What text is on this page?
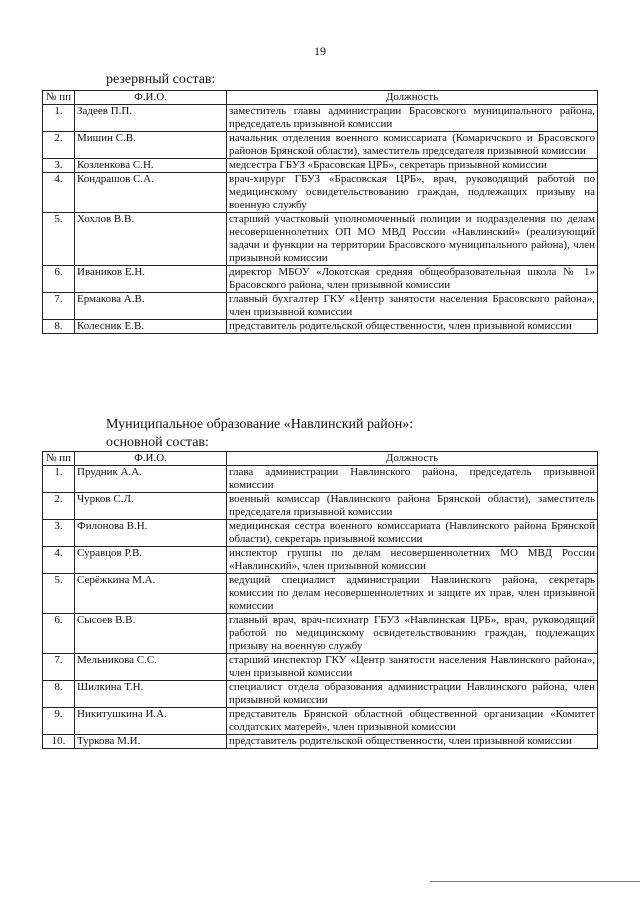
19
резервный состав:
№ пп	Ф.И.О.	Должность
1.	Задеев П.П.	заместитель главы администрации Брасовского муниципального района, председатель призывной комиссии
2.	Мишин С.В.	начальник отделения военного комиссариата (Комаричского и Брасовского районов Брянской области), заместитель председателя призывной комиссии
3.	Козленкова С.Н.	медсестра ГБУЗ «Брасовская ЦРБ», секретарь призывной комиссии
4.	Кондрашов С.А.	врач-хирург ГБУЗ «Брасовская ЦРБ», врач, руководящий работой по медицинскому освидетельствованию граждан, подлежащих призыву на военную службу
5.	Хохлов В.В.	старший участковый уполномоченный полиции и подразделения по делам несовершеннолетних ОП МО МВД России «Навлинский» (реализующий задачи и функции на территории Брасовского муниципального района), член призывной комиссии
6.	Иваников Е.Н.	директор МБОУ «Локотская средняя общеобразовательная школа № 1» Брасовского района, член призывной комиссии
7.	Ермакова А.В.	главный бухгалтер ГКУ «Центр занятости населения Брасовского района», член призывной комиссии
8.	Колесник Е.В.	представитель родительской общественности, член призывной комиссии
Муниципальное образование «Навлинский район»:
основной состав:
№ пп	Ф.И.О.	Должность
1.	Прудник А.А.	глава администрации Навлинского района, председатель призывной комиссии
2.	Чурков С.Л.	военный комиссар (Навлинского района Брянской области), заместитель председателя призывной комиссии
3.	Филонова В.Н.	медицинская сестра военного комиссариата (Навлинского района Брянской области), секретарь призывной комиссии
4.	Суравцов Р.В.	инспектор группы по делам несовершеннолетних МО МВД России «Навлинский», член призывной комиссии
5.	Серёжкина М.А.	ведущий специалист администрации Навлинского района, секретарь комиссии по делам несовершеннолетних и защите их прав, член призывной комиссии
6.	Сысоев В.В.	главный врач, врач-психиатр ГБУЗ «Навлинская ЦРБ», врач, руководящий работой по медицинскому освидетельствованию граждан, подлежащих призыву на военную службу
7.	Мельникова С.С.	старший инспектор ГКУ «Центр занятости населения Навлинского района», член призывной комиссии
8.	Шилкина Т.Н.	специалист отдела образования администрации Навлинского района, член призывной комиссии
9.	Никитушкина И.А.	представитель Брянской областной общественной организации «Комитет солдатских матерей», член призывной комиссии
10.	Туркова М.И.	представитель родительской общественности, член призывной комиссии
